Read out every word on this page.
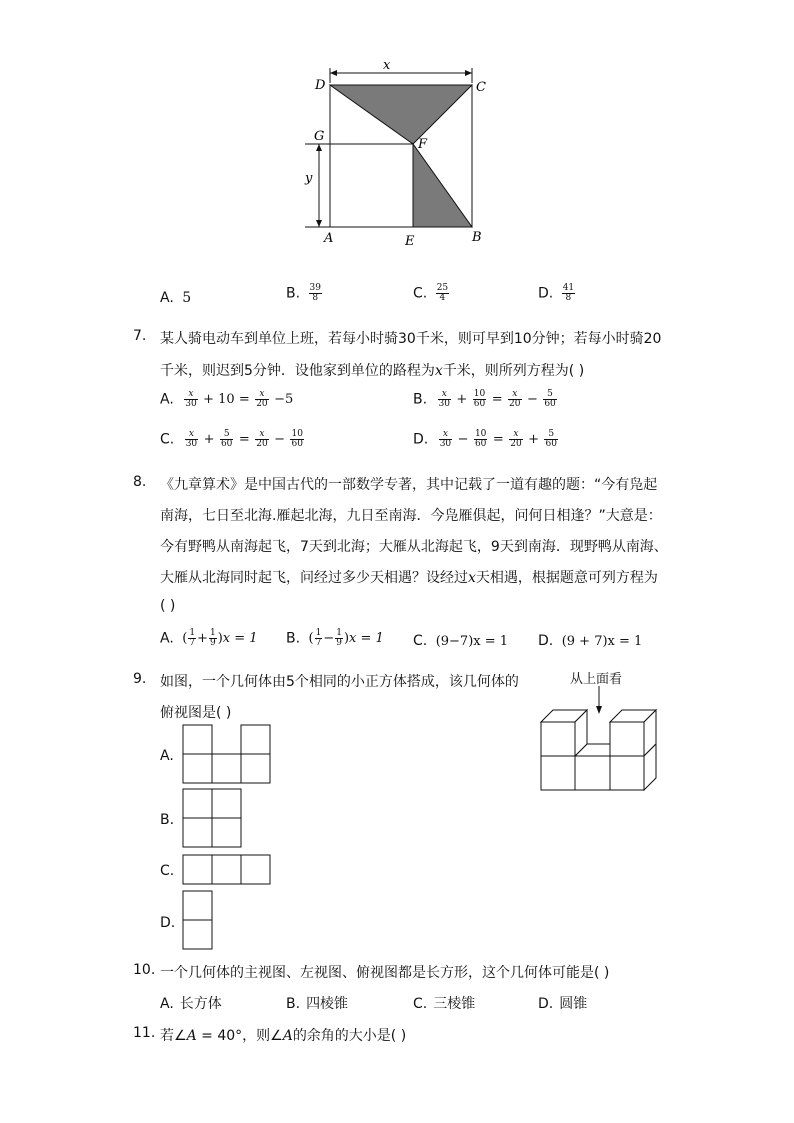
x
y
D	C
G
F
A	E	B
A. 5	B. $\frac{39}{8}$	C. $\frac{25}{4}$	D. $\frac{41}{8}$
7. 某人骑电动车到单位上班，若每小时骑30千米，则可早到10分钟；若每小时骑20
千米，则迟到5分钟．设他家到单位的路程为x千米，则所列方程为( )
A. $\frac{x}{30} + 10 = \frac{x}{20} -5$	B. $\frac{x}{30} + \frac{10}{60} = \frac{x}{20} - \frac{5}{60}$
C. $\frac{x}{30} + \frac{5}{60} = \frac{x}{20} - \frac{10}{60}$	D. $\frac{x}{30} - \frac{10}{60} = \frac{x}{20} + \frac{5}{60}$
8. 《九章算术》是中国古代的一部数学专著，其中记载了一道有趣的题：“今有凫起
南海，七日至北海.雁起北海，九日至南海．今凫雁俱起，问何日相逢？”大意是：
今有野鸭从南海起飞，7天到北海；大雁从北海起飞，9天到南海．现野鸭从南海、
大雁从北海同时起飞，问经过多少天相遇？设经过x天相遇，根据题意可列方程为
( )
A. ( $\frac{1}{7} + \frac{1}{9} )x = 1$ B. ( $\frac{1}{7} - \frac{1}{9} )x = 1$ C. (9−7)x = 1 D. (9 + 7)x = 1
9. 如图，一个几何体由5个相同的小正方体搭成，该几何体的
俯视图是( )
从上面看
A.
B.
C.
D.
10. 一个几何体的主视图、左视图、俯视图都是长方形，这个几何体可能是( )
A. 长方体	B. 四棱锥	C. 三棱锥	D. 圆锥
11. 若∠A = 40°，则∠A的余角的大小是( )
